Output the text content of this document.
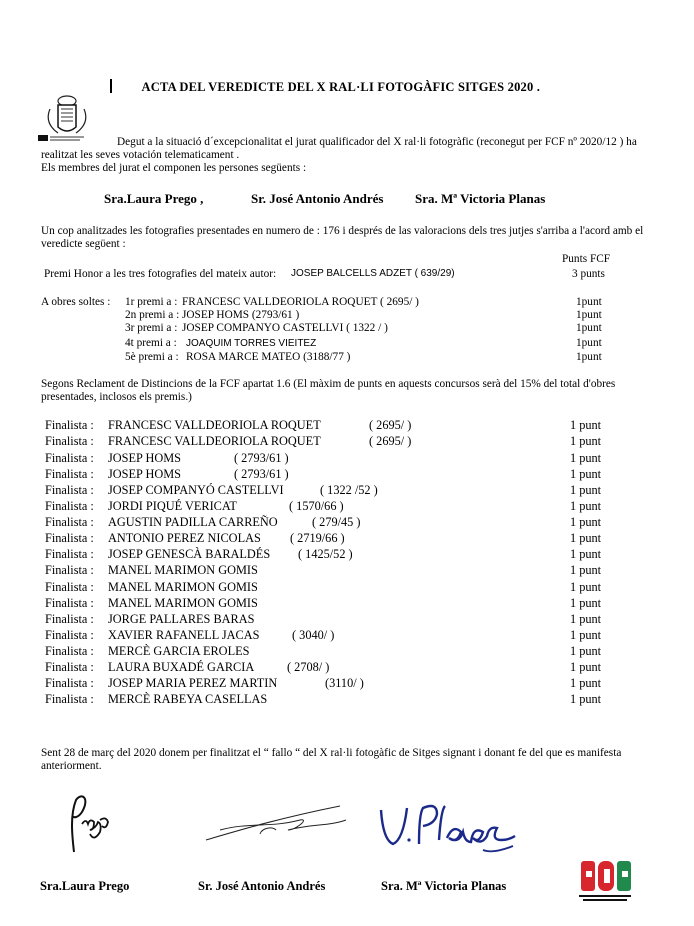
ACTA DEL VEREDICTE DEL X RAL·LI FOTOGÀFIC SITGES 2020 .
Degut a la situació d´excepcionalitat el jurat qualificador del X ral·li fotogràfic (reconegut per FCF nº 2020/12 ) ha
realitzat les seves votación telematicament .
Els membres del jurat el componen les persones següents :
Sra.Laura Prego ,	Sr. José Antonio Andrés Sra. Mª Victoria Planas
Un cop analitzades les fotografies presentades en numero de : 176 i després de las valoracions dels tres jutjes s'arriba a l'acord amb el
veredicte segϋent :
Punts FCF
Premi Honor a les tres fotografies del mateix autor: JOSEP BALCELLS ADZET ( 639/29)	3 punts
A obres soltes : 1r premi a : FRANCESC VALLDEORIOLA ROQUET ( 2695/ )	1punt
2n premi a : JOSEP HOMS (2793/61 )	1punt
3r premi a : JOSEP COMPANYO CASTELLVI ( 1322 / )	1punt
4t premi a : JOAQUIM TORRES VIEITEZ	1punt
5è premi a : ROSA MARCE MATEO (3188/77 )	1punt
Segons Reclament de Distincions de la FCF apartat 1.6 (El màxim de punts en aquests concursos serà del 15% del total d'obres
presentades, inclosos els premis.)
Finalista : FRANCESC VALLDEORIOLA ROQUET	( 2695/ )	1 punt
Finalista : FRANCESC VALLDEORIOLA ROQUET	( 2695/ )	1 punt
Finalista : JOSEP HOMS	( 2793/61 )	1 punt
Finalista : JOSEP HOMS	( 2793/61 )	1 punt
Finalista : JOSEP COMPANYÓ CASTELLVI	( 1322 /52 )	1 punt
Finalista : JORDI PIQUÉ VERICAT	( 1570/66 )	1 punt
Finalista : AGUSTIN PADILLA CARREÑO	( 279/45 )	1 punt
Finalista : ANTONIO PEREZ NICOLAS ( 2719/66 )	1 punt
Finalista : JOSEP GENESCÀ BARALDÉS ( 1425/52 )	1 punt
Finalista : MANEL MARIMON GOMIS	1 punt
Finalista : MANEL MARIMON GOMIS	1 punt
Finalista : MANEL MARIMON GOMIS	1 punt
Finalista : JORGE PALLARES BARAS	1 punt
Finalista : XAVIER RAFANELL JACAS	( 3040/ )	1 punt
Finalista : MERCÈ GARCIA EROLES	1 punt
Finalista : LAURA BUXADÉ GARCIA	( 2708/ )	1 punt
Finalista : JOSEP MARIA PEREZ MARTIN	(3110/ )	1 punt
Finalista : MERCÈ RABEYA CASELLAS	1 punt
Sent 28 de març del 2020 donem per finalitzat el “ fallo “ del X ral·li fotogàfic de Sitges signant i donant fe del que es manifesta
anteriorment.
Sra.Laura Prego	Sr. José Antonio Andrés	Sra. Mª Victoria Planas
